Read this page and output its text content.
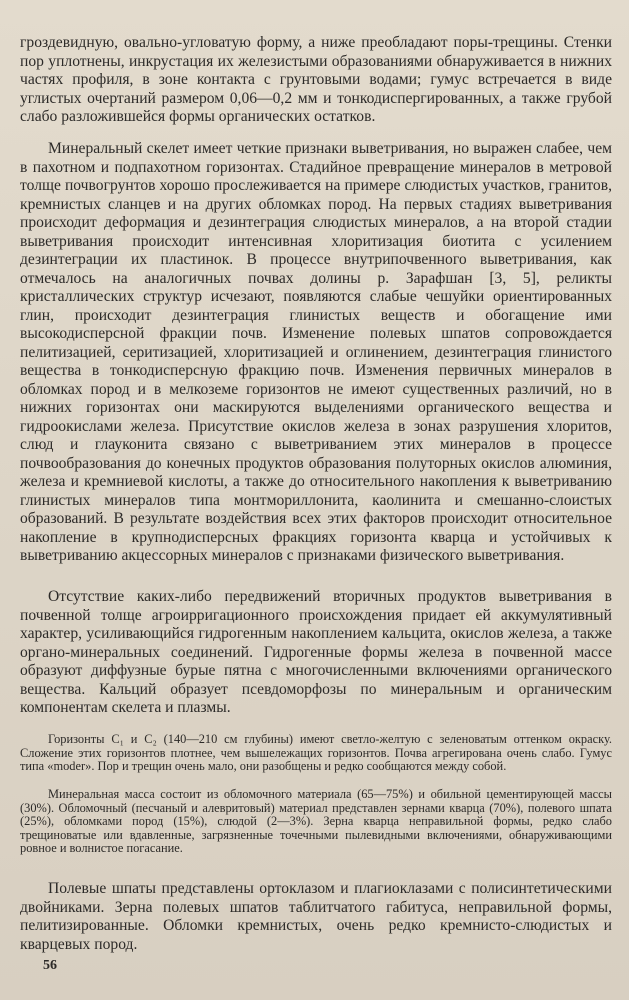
гроздевидную, овально-угловатую форму, а ниже преобладают поры-трещины. Стенки пор уплотнены, инкрустация их железистыми образованиями обнаруживается в нижних частях профиля, в зоне контакта с грунтовыми водами; гумус встречается в виде углистых очертаний размером 0,06—0,2 мм и тонкодиспергированных, а также грубой слабо разложившейся формы органических остатков.

Минеральный скелет имеет четкие признаки выветривания, но выражен слабее, чем в пахотном и подпахотном горизонтах. Стадийное превращение минералов в метровой толще почвогрунтов хорошо прослеживается на примере слюдистых участков, гранитов, кремнистых сланцев и на других обломках пород. На первых стадиях выветривания происходит деформация и дезинтеграция слюдистых минералов, а на второй стадии выветривания происходит интенсивная хлоритизация биотита с усилением дезинтеграции их пластинок. В процессе внутрипочвенного выветривания, как отмечалось на аналогичных почвах долины р. Зарафшан [3, 5], реликты кристаллических структур исчезают, появляются слабые чешуйки ориентированных глин, происходит дезинтеграция глинистых веществ и обогащение ими высокодисперсной фракции почв. Изменение полевых шпатов сопровождается пелитизацией, серитизацией, хлоритизацией и оглинением, дезинтеграция глинистого вещества в тонкодисперсную фракцию почв. Изменения первичных минералов в обломках пород и в мелкоземе горизонтов не имеют существенных различий, но в нижних горизонтах они маскируются выделениями органического вещества и гидроокислами железа. Присутствие окислов железа в зонах разрушения хлоритов, слюд и глауконита связано с выветриванием этих минералов в процессе почвообразования до конечных продуктов образования полуторных окислов алюминия, железа и кремниевой кислоты, а также до относительного накопления к выветриванию глинистых минералов типа монтмориллонита, каолинита и смешанно-слоистых образований. В результате воздействия всех этих факторов происходит относительное накопление в крупнодисперсных фракциях горизонта кварца и устойчивых к выветриванию акцессорных минералов с признаками физического выветривания.

Отсутствие каких-либо передвижений вторичных продуктов выветривания в почвенной толще агроирригационного происхождения придает ей аккумулятивный характер, усиливающийся гидрогенным накоплением кальцита, окислов железа, а также органо-минеральных соединений. Гидрогенные формы железа в почвенной массе образуют диффузные бурые пятна с многочисленными включениями органического вещества. Кальций образует псевдоморфозы по минеральным и органическим компонентам скелета и плазмы.

Горизонты C₁ и C₂ (140—210 см глубины) имеют светло-желтую с зеленоватым оттенком окраску. Сложение этих горизонтов плотнее, чем вышележащих горизонтов. Почва агрегирована очень слабо. Гумус типа «moder». Пор и трещин очень мало, они разобщены и редко сообщаются между собой.

Минеральная масса состоит из обломочного материала (65—75%) и обильной цементирующей массы (30%). Обломочный (песчаный и алевритовый) материал представлен зернами кварца (70%), полевого шпата (25%), обломками пород (15%), слюдой (2—3%). Зерна кварца неправильной формы, редко слабо трещиноватые или вдавленные, загрязненные точечными пылевидными включениями, обнаруживающими ровное и волнистое погасание.

Полевые шпаты представлены ортоклазом и плагиоклазами с полисинтетическими двойниками. Зерна полевых шпатов таблитчатого габитуса, неправильной формы, пелитизированные. Обломки кремнистых, очень редко кремнисто-слюдистых и кварцевых пород.

56
